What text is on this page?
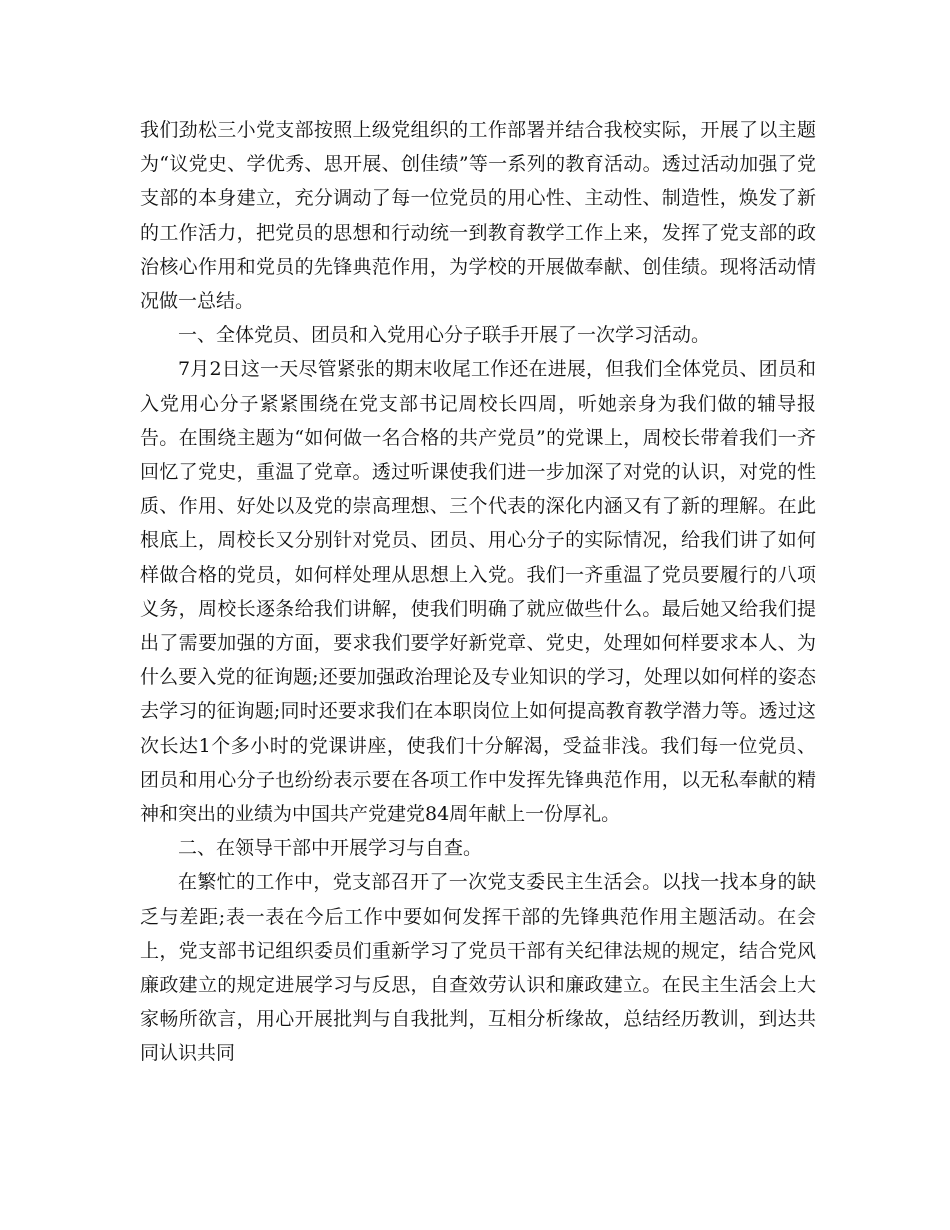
我们劲松三小党支部按照上级党组织的工作部署并结合我校实际，开展了以主题为“议党史、学优秀、思开展、创佳绩”等一系列的教育活动。透过活动加强了党支部的本身建立，充分调动了每一位党员的用心性、主动性、制造性，焕发了新的工作活力，把党员的思想和行动统一到教育教学工作上来，发挥了党支部的政治核心作用和党员的先锋典范作用，为学校的开展做奉献、创佳绩。现将活动情况做一总结。

一、全体党员、团员和入党用心分子联手开展了一次学习活动。

7月2日这一天尽管紧张的期末收尾工作还在进展，但我们全体党员、团员和入党用心分子紧紧围绕在党支部书记周校长四周，听她亲身为我们做的辅导报告。在围绕主题为“如何做一名合格的共产党员”的党课上，周校长带着我们一齐回忆了党史，重温了党章。透过听课使我们进一步加深了对党的认识，对党的性质、作用、好处以及党的崇高理想、三个代表的深化内涵又有了新的理解。在此根底上，周校长又分别针对党员、团员、用心分子的实际情况，给我们讲了如何样做合格的党员，如何样处理从思想上入党。我们一齐重温了党员要履行的八项义务，周校长逐条给我们讲解，使我们明确了就应做些什么。最后她又给我们提出了需要加强的方面，要求我们要学好新党章、党史，处理如何样要求本人、为什么要入党的征询题;还要加强政治理论及专业知识的学习，处理以如何样的姿态去学习的征询题;同时还要求我们在本职岗位上如何提高教育教学潜力等。透过这次长达1个多小时的党课讲座，使我们十分解渴，受益非浅。我们每一位党员、团员和用心分子也纷纷表示要在各项工作中发挥先锋典范作用，以无私奉献的精神和突出的业绩为中国共产党建党84周年献上一份厚礼。

二、在领导干部中开展学习与自查。

在繁忙的工作中，党支部召开了一次党支委民主生活会。以找一找本身的缺乏与差距;表一表在今后工作中要如何发挥干部的先锋典范作用主题活动。在会上，党支部书记组织委员们重新学习了党员干部有关纪律法规的规定，结合党风廉政建立的规定进展学习与反思，自查效劳认识和廉政建立。在民主生活会上大家畅所欲言，用心开展批判与自我批判，互相分析缘故，总结经历教训，到达共同认识共同
